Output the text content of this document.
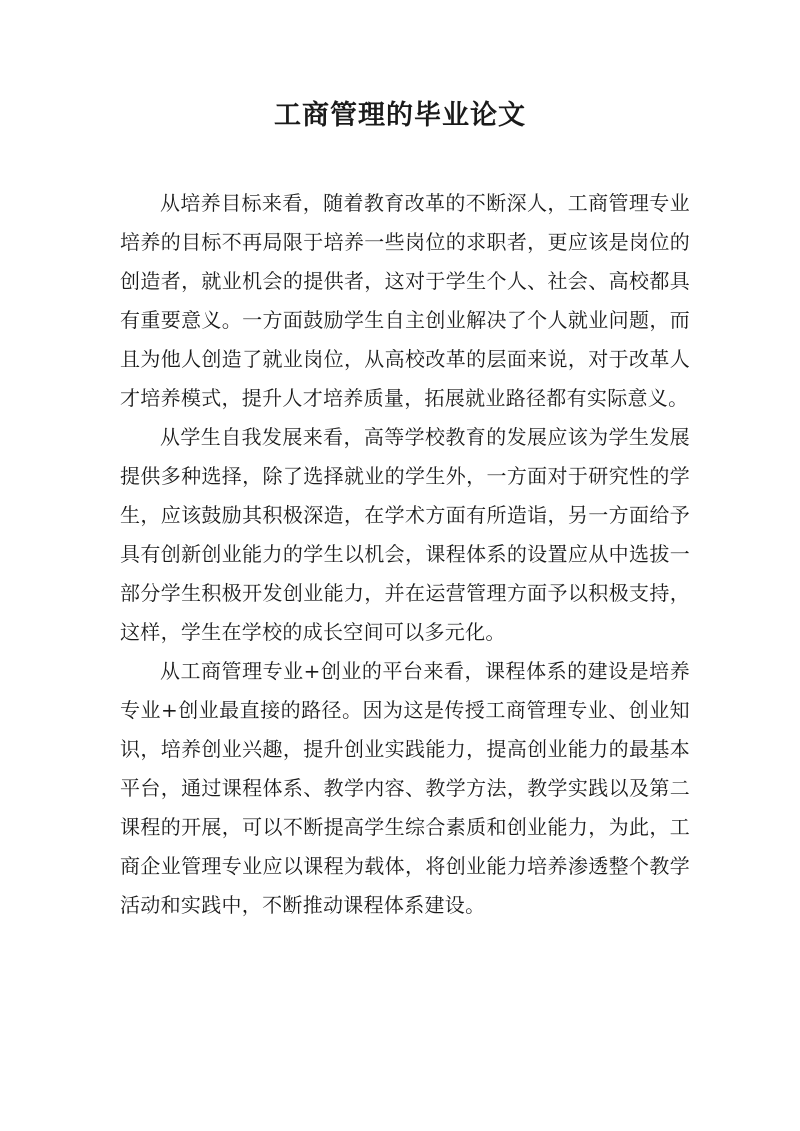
工商管理的毕业论文

从培养目标来看，随着教育改革的不断深人，工商管理专业培养的目标不再局限于培养一些岗位的求职者，更应该是岗位的创造者，就业机会的提供者，这对于学生个人、社会、高校都具有重要意义。一方面鼓励学生自主创业解决了个人就业问题，而且为他人创造了就业岗位，从高校改革的层面来说，对于改革人才培养模式，提升人才培养质量，拓展就业路径都有实际意义。

从学生自我发展来看，高等学校教育的发展应该为学生发展提供多种选择，除了选择就业的学生外，一方面对于研究性的学生，应该鼓励其积极深造，在学术方面有所造诣，另一方面给予具有创新创业能力的学生以机会，课程体系的设置应从中选拔一部分学生积极开发创业能力，并在运营管理方面予以积极支持，这样，学生在学校的成长空间可以多元化。

从工商管理专业+创业的平台来看，课程体系的建设是培养专业+创业最直接的路径。因为这是传授工商管理专业、创业知识，培养创业兴趣，提升创业实践能力，提高创业能力的最基本平台，通过课程体系、教学内容、教学方法，教学实践以及第二课程的开展，可以不断提高学生综合素质和创业能力，为此，工商企业管理专业应以课程为载体，将创业能力培养渗透整个教学活动和实践中，不断推动课程体系建设。
